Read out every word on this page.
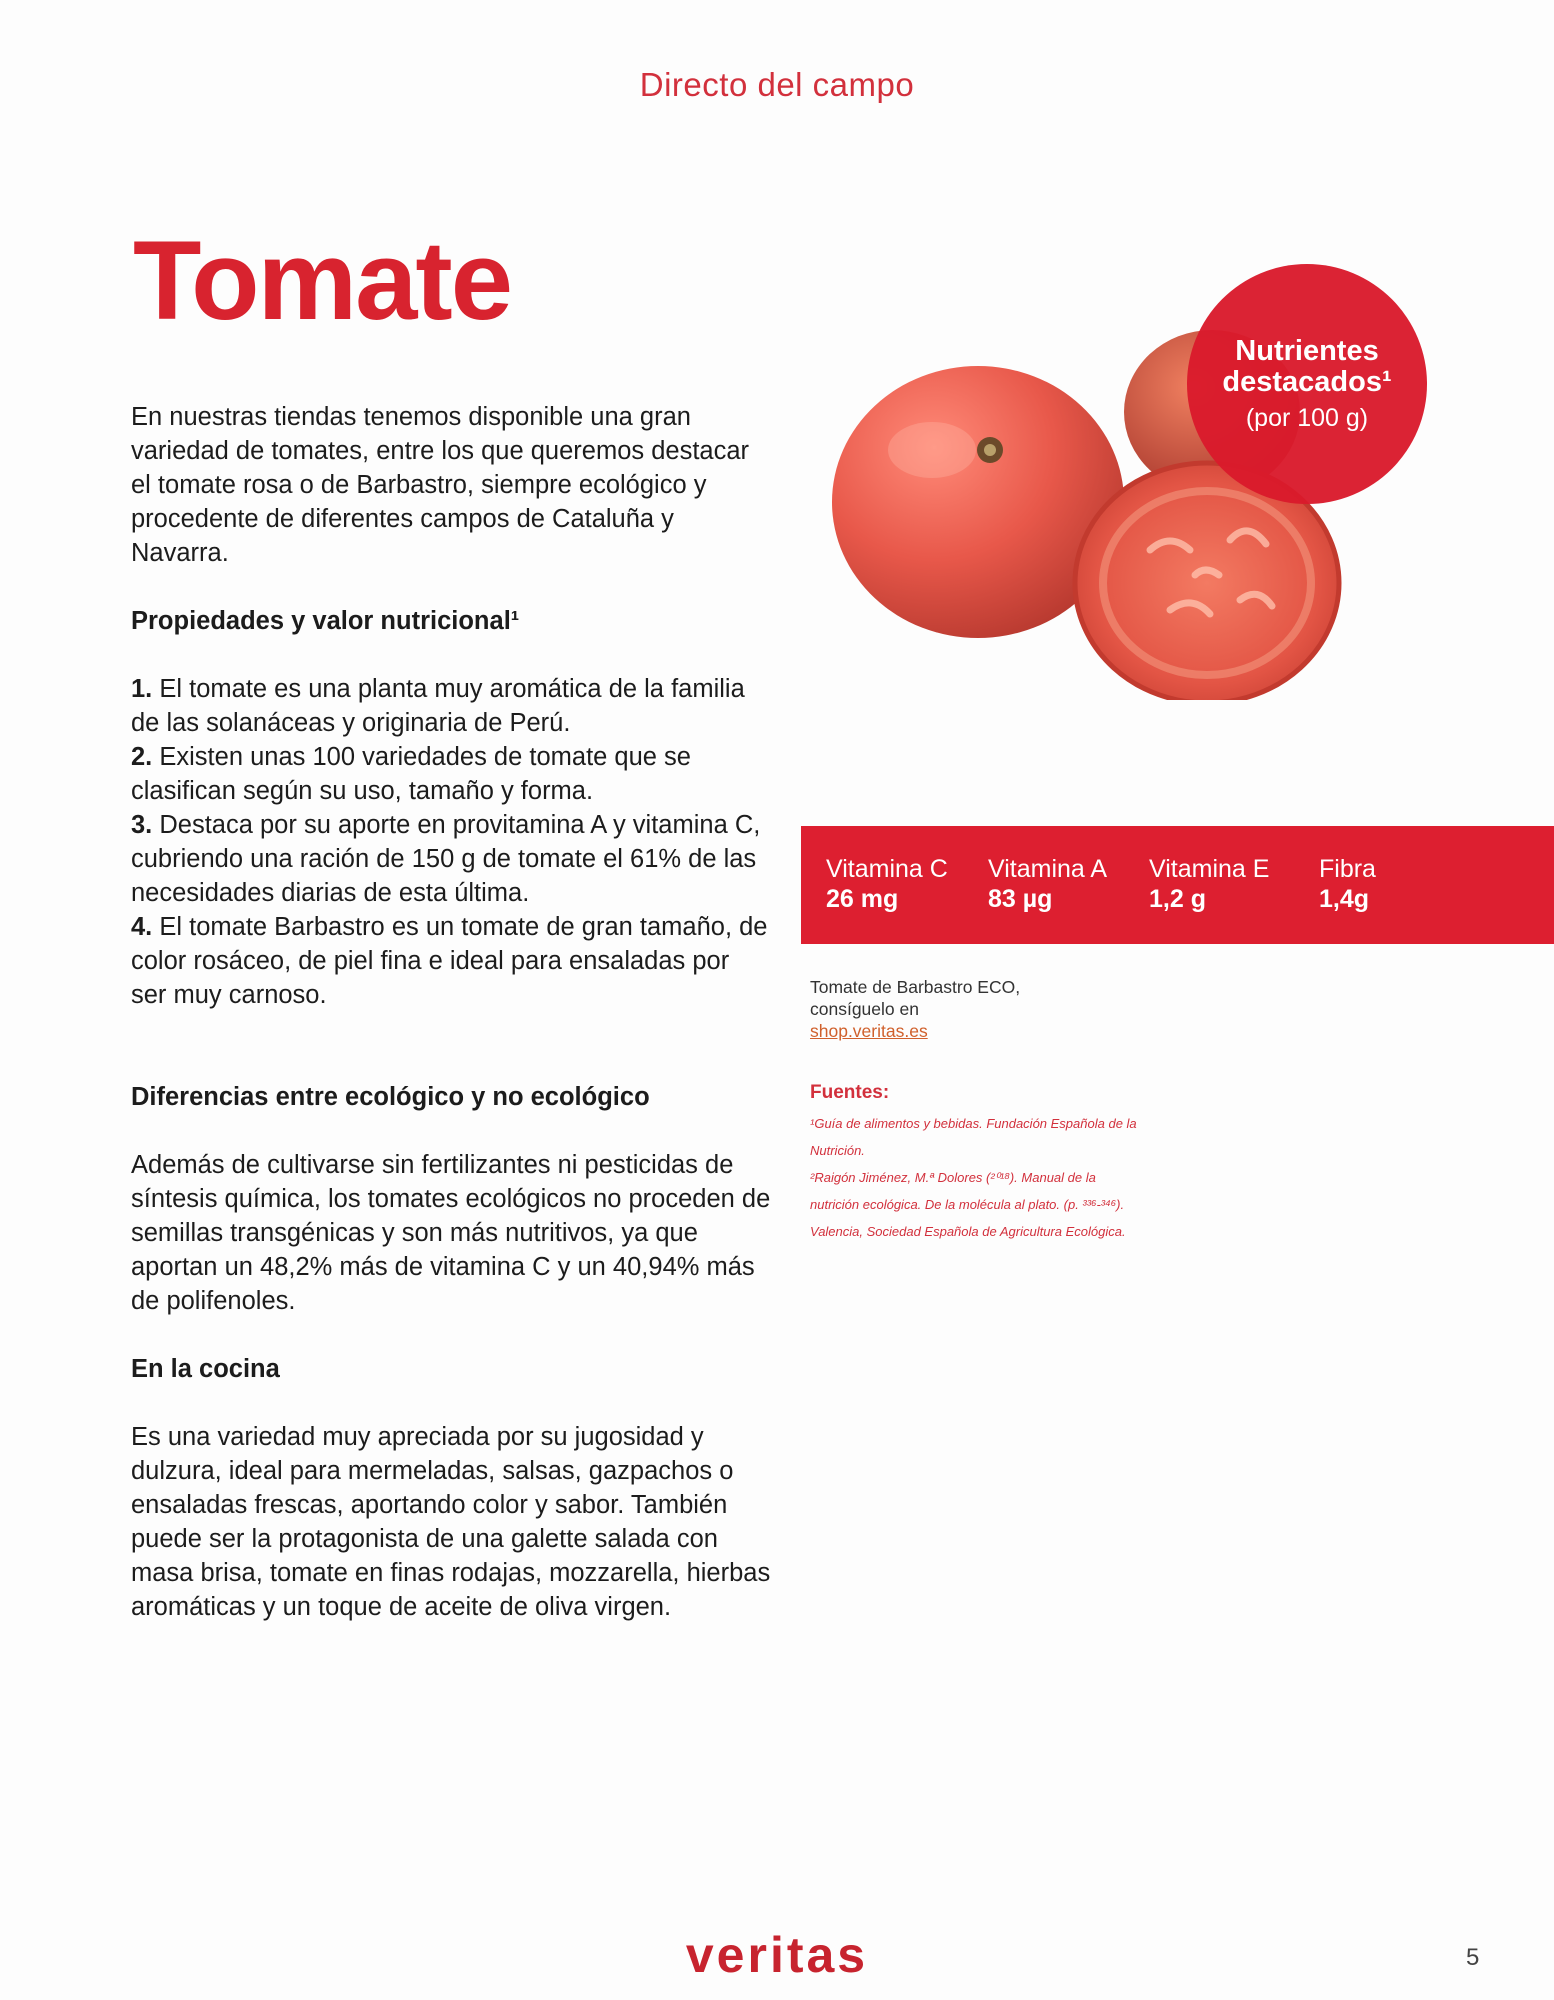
Directo del campo
Tomate

En nuestras tiendas tenemos disponible una gran variedad de tomates, entre los que queremos destacar el tomate rosa o de Barbastro, siempre ecológico y procedente de diferentes campos de Cataluña y Navarra.

Propiedades y valor nutricional¹
1. El tomate es una planta muy aromática de la familia de las solanáceas y originaria de Perú.
2. Existen unas 100 variedades de tomate que se clasifican según su uso, tamaño y forma.
3. Destaca por su aporte en provitamina A y vitamina C, cubriendo una ración de 150 g de tomate el 61% de las necesidades diarias de esta última.
4. El tomate Barbastro es un tomate de gran tamaño, de color rosáceo, de piel fina e ideal para ensaladas por ser muy carnoso.
Diferencias entre ecológico y no ecológico

Además de cultivarse sin fertilizantes ni pesticidas de síntesis química, los tomates ecológicos no proceden de semillas transgénicas y son más nutritivos, ya que aportan un 48,2% más de vitamina C y un 40,94% más de polifenoles.

En la cocina

Es una variedad muy apreciada por su jugosidad y dulzura, ideal para mermeladas, salsas, gazpachos o ensaladas frescas, aportando color y sabor. También puede ser la protagonista de una galette salada con masa brisa, tomate en finas rodajas, mozzarella, hierbas aromáticas y un toque de aceite de oliva virgen.

Nutrientes destacados¹
(por 100 g)
Vitamina C
26 mg
Vitamina A
83 µg
Vitamina E
1,2 g
Fibra
1,4g
Tomate de Barbastro ECO,
consíguelo en
shop.veritas.es
Fuentes:

¹Guía de alimentos y bebidas. Fundación Española de la

Nutrición.

²Raigón Jiménez, M.ª Dolores (²⁰¹⁸). Manual de la

nutrición ecológica. De la molécula al plato. (p. ³³⁶-³⁴⁶).

Valencia, Sociedad Española de Agricultura Ecológica.

veritas	5
